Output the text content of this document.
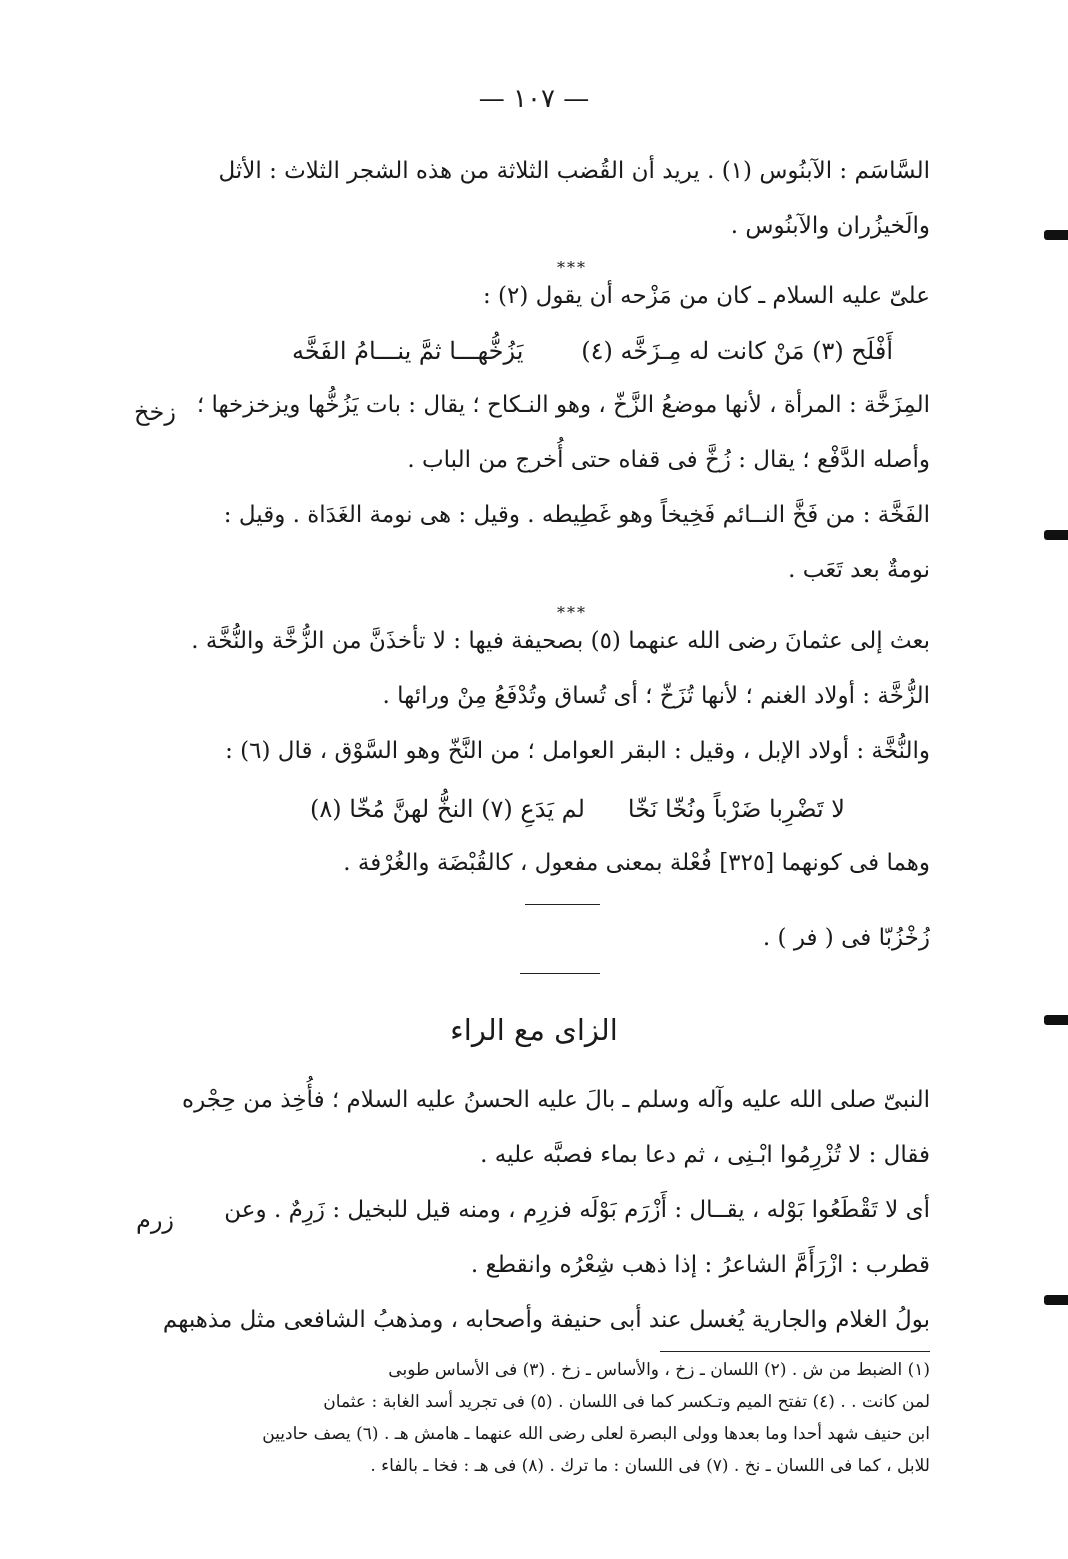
— ١٠٧ —
السَّاسَم : الآبنُوس (١) . يريد أن القُضب الثلاثة من هذه الشجر الثلاث : الأثل
والَخيزُران والآبنُوس .
***
علىّ عليه السلام ـ كان من مَزْحه أن يقول (٢) :
أَفْلَح (٣) مَنْ كانت له مِـزَخَّه (٤)
يَزُخُّهـــا ثمَّ ينـــامُ الفَخَّه
المِزَخَّة : المرأة ، لأنها موضعُ الزَّخّ ، وهو النـكاح ؛ يقال : بات يَزُخُّها ويزخزخها ؛
زخخ
وأصله الدَّفْع ؛ يقال : زُخَّ فى قفاه حتى أُخرج من الباب .
الفَخَّة : من فَخَّ النــائم فَخِيخاً وهو غَطِيطه . وقيل : هى نومة الغَدَاة . وقيل :
نومةٌ بعد تَعَب .
***
بعث إلى عثمانَ رضى الله عنهما (٥) بصحيفة فيها : لا تأخذَنَّ من الزُّخَّة والنُّخَّة .
الزُّخَّة : أولاد الغنم ؛ لأنها تُزَخّ ؛ أى تُساق وتُدْفَعُ مِنْ ورائها .
والنُّخَّة : أولاد الإبل ، وقيل : البقر العوامل ؛ من النَّخّ وهو السَّوْق ، قال (٦) :
لا تَضْرِبا ضَرْباً ونُخّا نَخّا
لم يَدَعِ (٧) النخُّ لهنَّ مُخّا (٨)
وهما فى كونهما [٣٢٥] فُعْلة بمعنى مفعول ، كالقُبْضَة والغُرْفة .
زُخْزُبّا فى ( فر ) .
الزاى مع الراء
النبىّ صلى الله عليه وآله وسلم ـ بالَ عليه الحسنُ عليه السلام ؛ فأُخِذ من حِجْره
فقال : لا تُزْرِمُوا ابْـنِى ، ثم دعا بماء فصبَّه عليه .
أى لا تَقْطَعُوا بَوْله ، يقــال : أَزْرَم بَوْلَه فزرِم ، ومنه قيل للبخيل : زَرِمٌ . وعن
زرم
قطرب : ازْرَأَمَّ الشاعرُ : إذا ذهب شِعْرُه وانقطع .
بولُ الغلام والجارية يُغسل عند أبى حنيفة وأصحابه ، ومذهبُ الشافعى مثل مذهبهم
(١) الضبط من ش . (٢) اللسان ـ زخ ، والأساس ـ زخ . (٣) فى الأساس طوبى
لمن كانت . . (٤) تفتح الميم وتـكسر كما فى اللسان . (٥) فى تجريد أسد الغابة : عثمان
ابن حنيف شهد أحدا وما بعدها وولى البصرة لعلى رضى الله عنهما ـ هامش هـ . (٦) يصف حاديين
للابل ، كما فى اللسان ـ نخ . (٧) فى اللسان : ما ترك . (٨) فى هـ : فخا ـ بالفاء .
